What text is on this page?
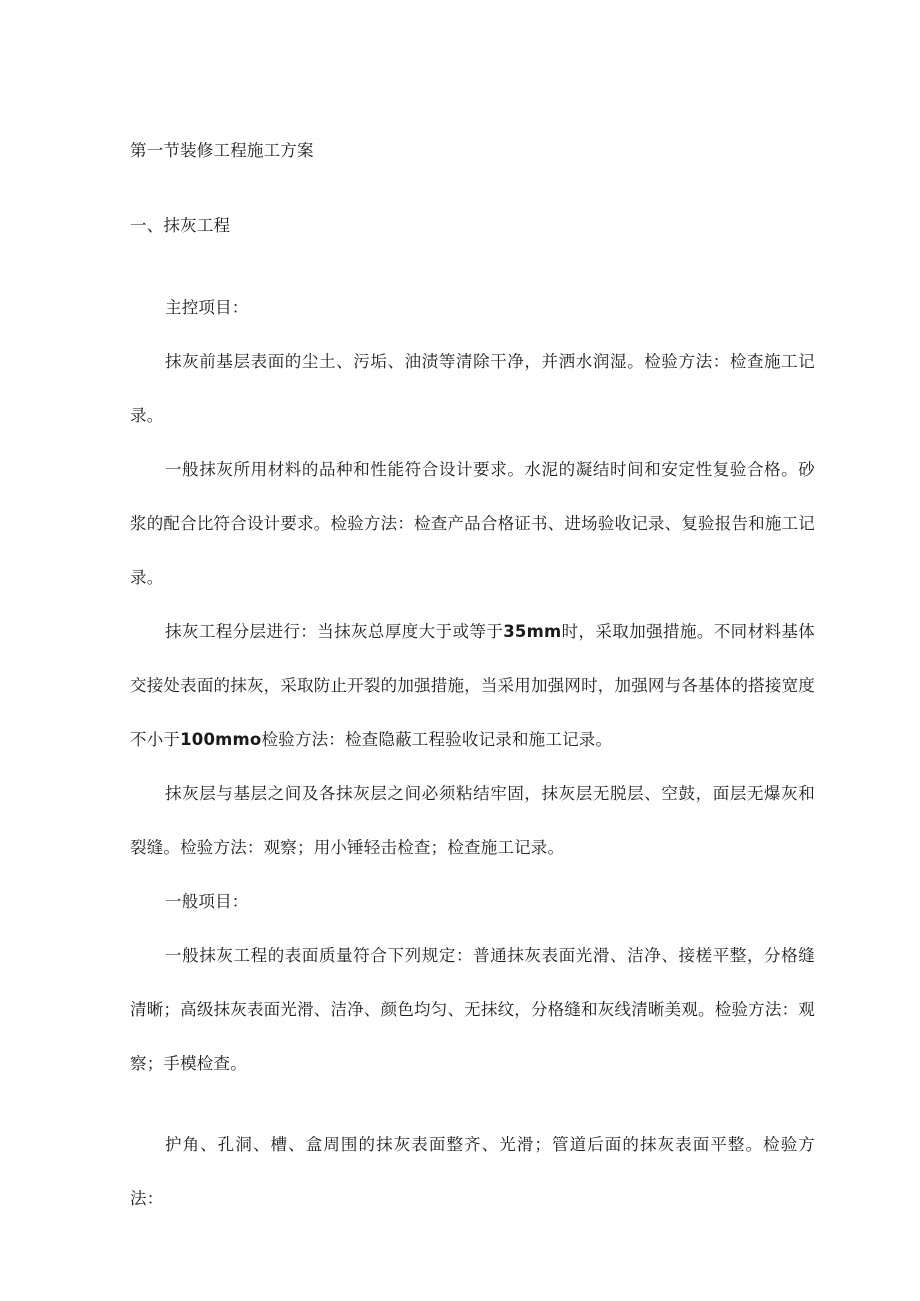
第一节装修工程施工方案

一、抹灰工程

主控项目：

抹灰前基层表面的尘土、污垢、油渍等清除干净，并洒水润湿。检验方法：检查施工记录。

一般抹灰所用材料的品种和性能符合设计要求。水泥的凝结时间和安定性复验合格。砂浆的配合比符合设计要求。检验方法：检查产品合格证书、进场验收记录、复验报告和施工记录。

抹灰工程分层进行：当抹灰总厚度大于或等于35mm时，采取加强措施。不同材料基体交接处表面的抹灰，采取防止开裂的加强措施，当采用加强网时，加强网与各基体的搭接宽度不小于100mmo检验方法：检查隐蔽工程验收记录和施工记录。

抹灰层与基层之间及各抹灰层之间必须粘结牢固，抹灰层无脱层、空鼓，面层无爆灰和裂缝。检验方法：观察；用小锤轻击检查；检查施工记录。

一般项目：

一般抹灰工程的表面质量符合下列规定：普通抹灰表面光滑、洁净、接槎平整，分格缝清晰；高级抹灰表面光滑、洁净、颜色均匀、无抹纹，分格缝和灰线清晰美观。检验方法：观察；手模检查。

护角、孔洞、槽、盒周围的抹灰表面整齐、光滑；管道后面的抹灰表面平整。检验方法：
